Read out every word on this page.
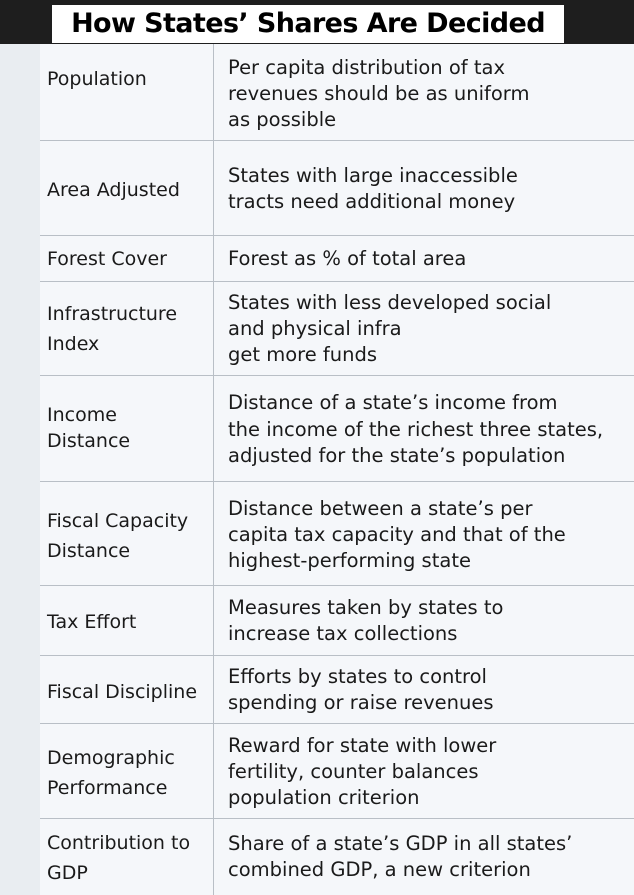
How States’ Shares Are Decided
Population	Per capita distribution of tax
revenues should be as uniform
as possible
Area Adjusted
States with large inaccessible
tracts need additional money
Forest Cover	Forest as % of total area
Infrastructure
Index
States with less developed social
and physical infra
get more funds
Income
Distance
Distance of a state’s income from
the income of the richest three states,
adjusted for the state’s population
Fiscal Capacity
Distance
Distance between a state’s per
capita tax capacity and that of the
highest-performing state
Tax Effort
Measures taken by states to
increase tax collections
Fiscal Discipline
Efforts by states to control
spending or raise revenues
Demographic
Performance
Reward for state with lower
fertility, counter balances
population criterion
Contribution to
GDP
Share of a state’s GDP in all states’
combined GDP, a new criterion
